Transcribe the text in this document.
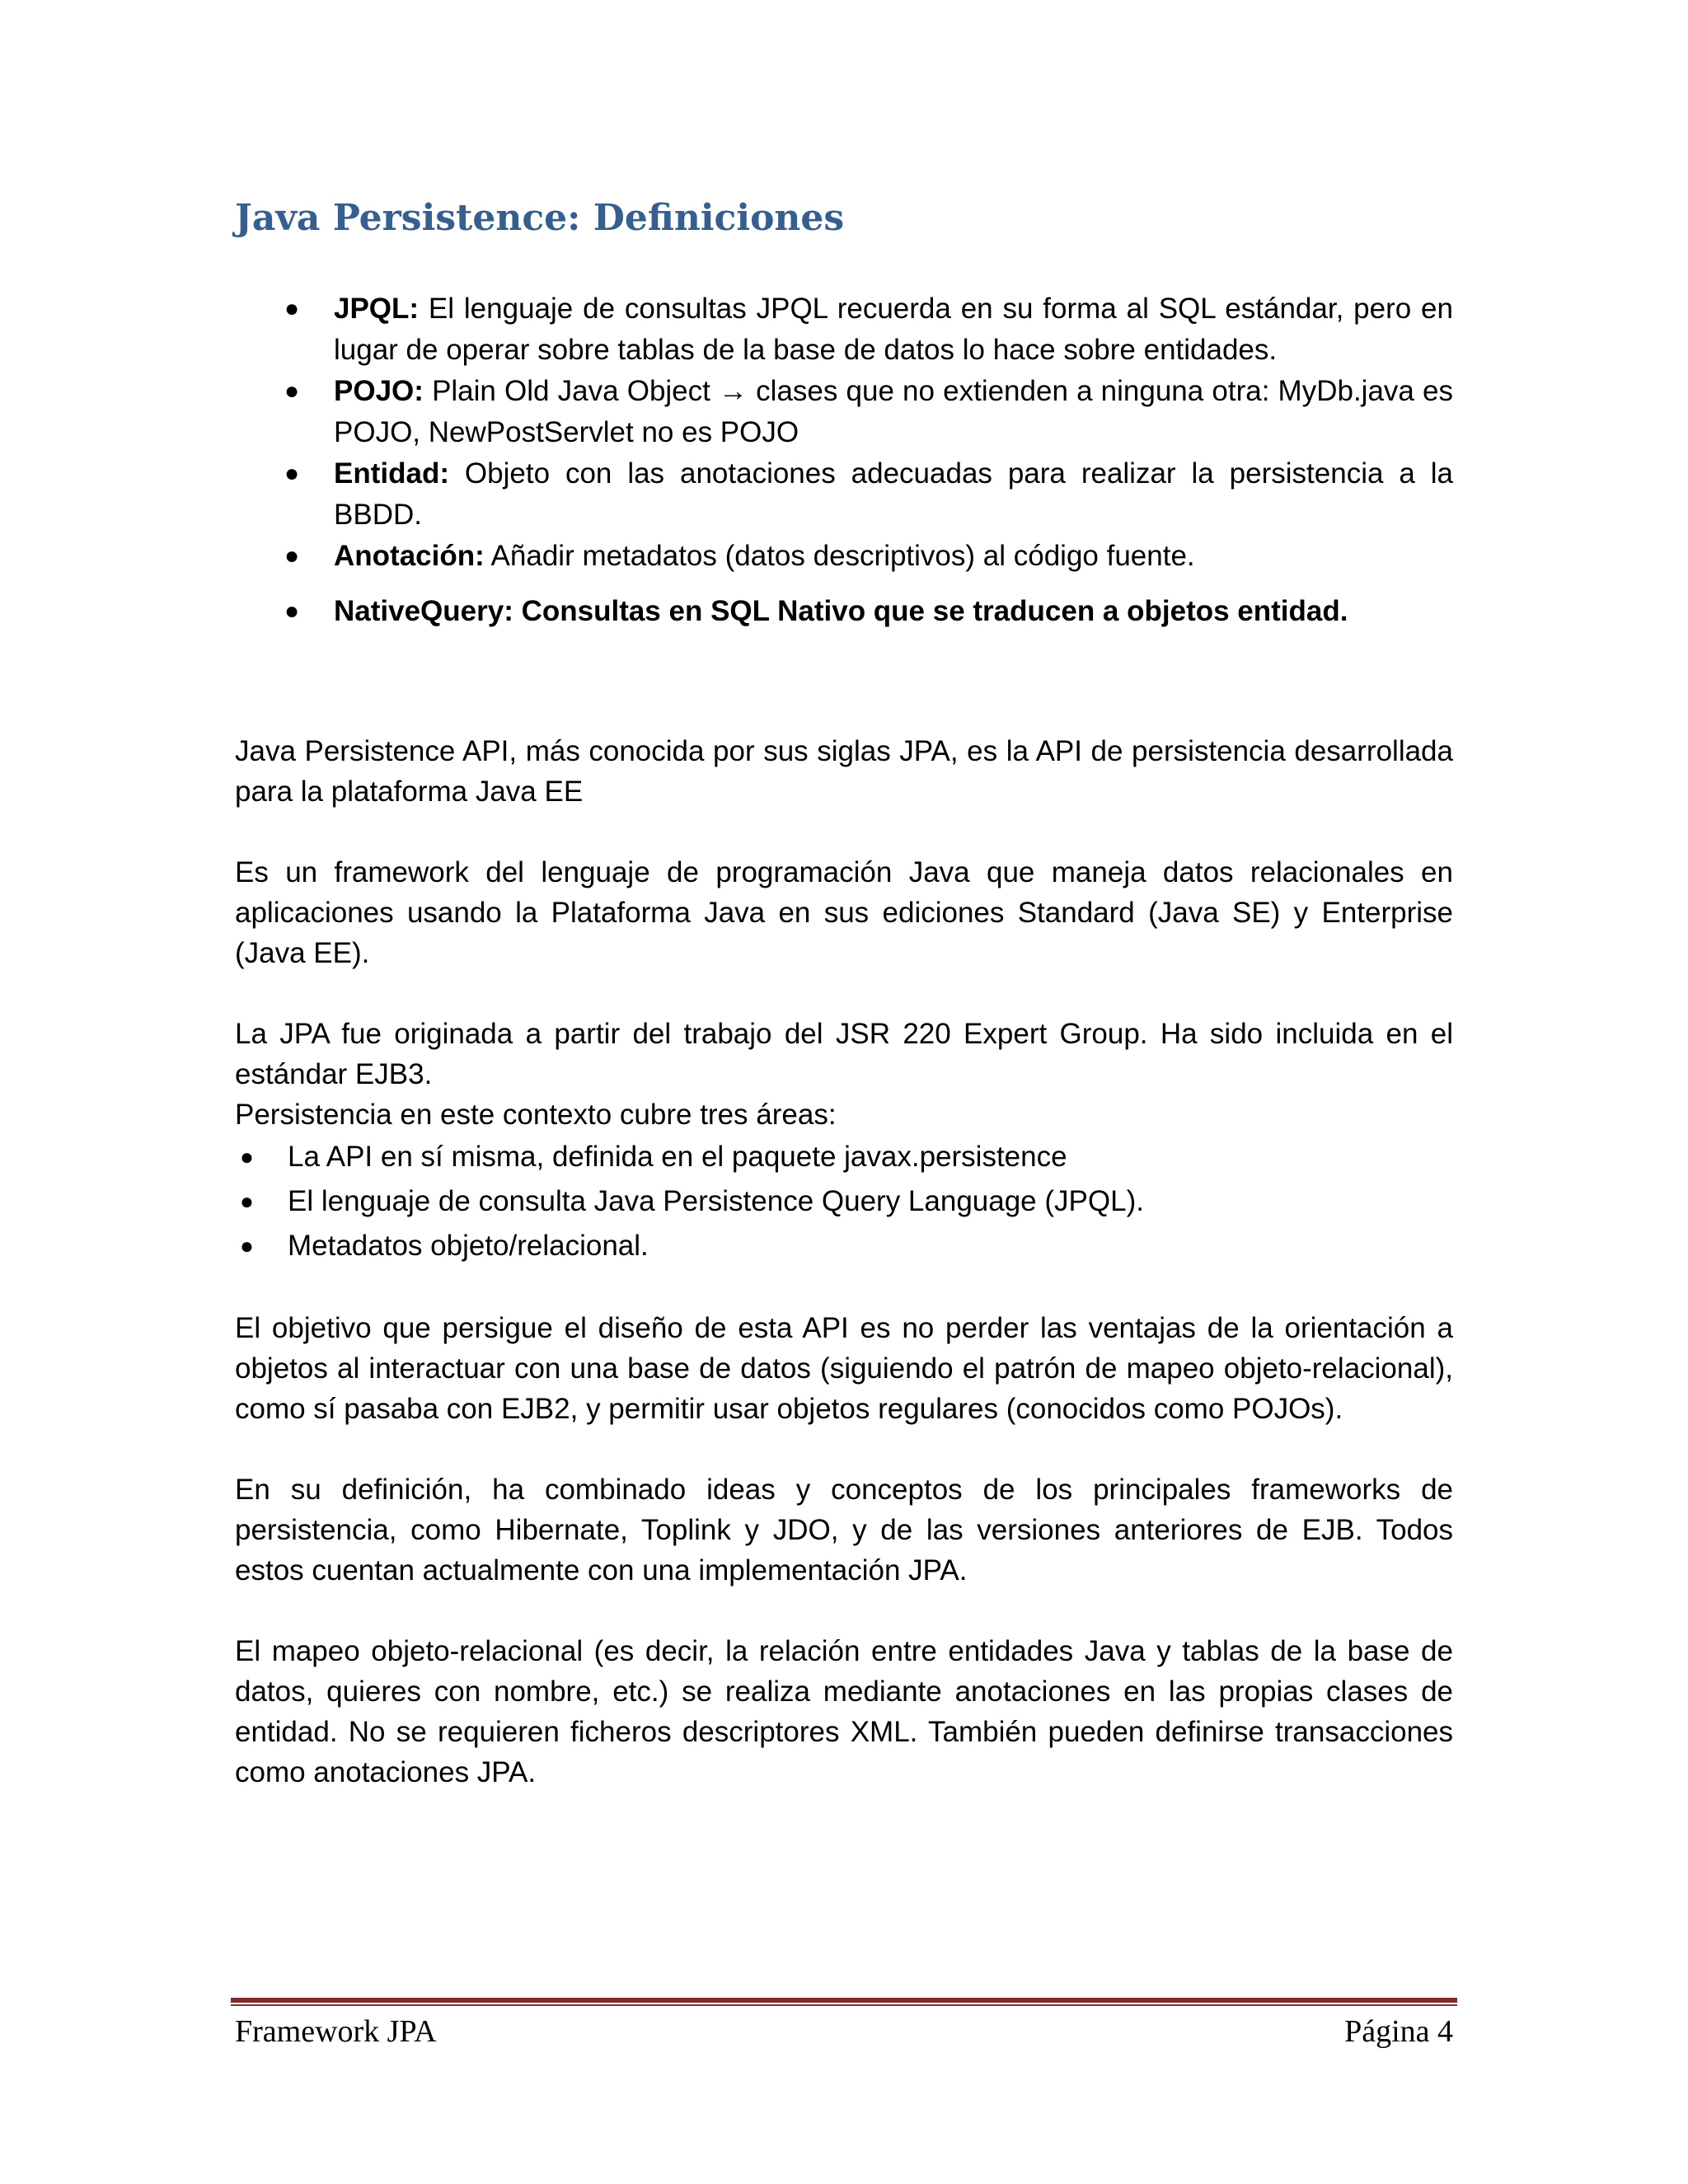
Java Persistence: Definiciones
● JPQL: El lenguaje de consultas JPQL recuerda en su forma al SQL estándar, pero en lugar de operar sobre tablas de la base de datos lo hace sobre entidades.
● POJO: Plain Old Java Object → clases que no extienden a ninguna otra: MyDb.java es POJO, NewPostServlet no es POJO
● Entidad: Objeto con las anotaciones adecuadas para realizar la persistencia a la BBDD.
● Anotación: Añadir metadatos (datos descriptivos) al código fuente.
● NativeQuery: Consultas en SQL Nativo que se traducen a objetos entidad.

Java Persistence API, más conocida por sus siglas JPA, es la API de persistencia desarrollada para la plataforma Java EE

Es un framework del lenguaje de programación Java que maneja datos relacionales en aplicaciones usando la Plataforma Java en sus ediciones Standard (Java SE) y Enterprise (Java EE).

La JPA fue originada a partir del trabajo del JSR 220 Expert Group. Ha sido incluida en el estándar EJB3.

Persistencia en este contexto cubre tres áreas:

● La API en sí misma, definida en el paquete javax.persistence
● El lenguaje de consulta Java Persistence Query Language (JPQL).
● Metadatos objeto/relacional.

El objetivo que persigue el diseño de esta API es no perder las ventajas de la orientación a objetos al interactuar con una base de datos (siguiendo el patrón de mapeo objeto-relacional), como sí pasaba con EJB2, y permitir usar objetos regulares (conocidos como POJOs).

En su definición, ha combinado ideas y conceptos de los principales frameworks de persistencia, como Hibernate, Toplink y JDO, y de las versiones anteriores de EJB. Todos estos cuentan actualmente con una implementación JPA.

El mapeo objeto-relacional (es decir, la relación entre entidades Java y tablas de la base de datos, quieres con nombre, etc.) se realiza mediante anotaciones en las propias clases de entidad. No se requieren ficheros descriptores XML. También pueden definirse transacciones como anotaciones JPA.

Framework JPA	Página 4
